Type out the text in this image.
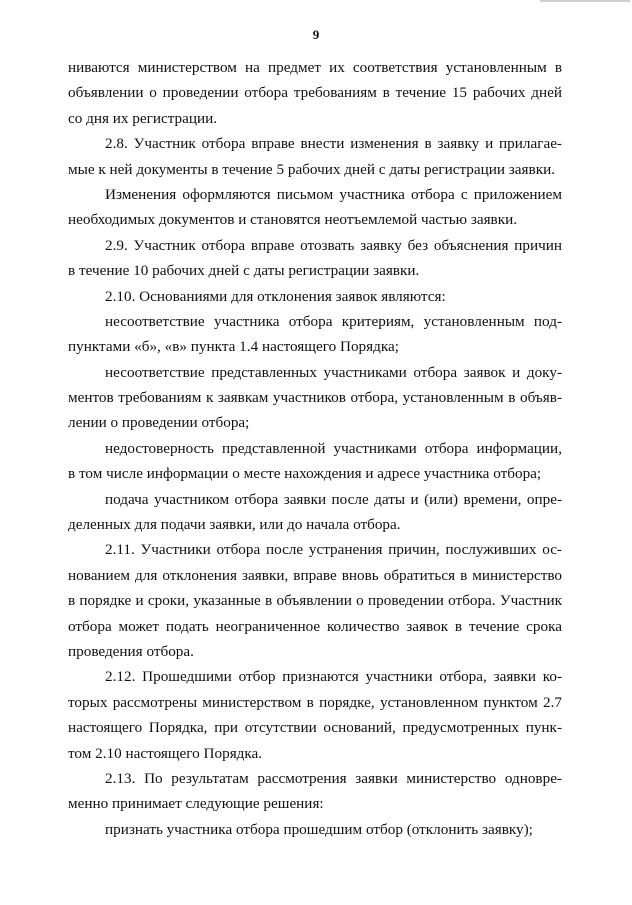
9
ниваются министерством на предмет их соответствия установленным в
объявлении о проведении отбора требованиям в течение 15 рабочих дней
со дня их регистрации.
2.8. Участник отбора вправе внести изменения в заявку и прилагае-
мые к ней документы в течение 5 рабочих дней с даты регистрации заявки.
Изменения оформляются письмом участника отбора с приложением
необходимых документов и становятся неотъемлемой частью заявки.
2.9. Участник отбора вправе отозвать заявку без объяснения причин
в течение 10 рабочих дней с даты регистрации заявки.
2.10. Основаниями для отклонения заявок являются:
несоответствие участника отбора критериям, установленным под-
пунктами «б», «в» пункта 1.4 настоящего Порядка;
несоответствие представленных участниками отбора заявок и доку-
ментов требованиям к заявкам участников отбора, установленным в объяв-
лении о проведении отбора;
недостоверность представленной участниками отбора информации,
в том числе информации о месте нахождения и адресе участника отбора;
подача участником отбора заявки после даты и (или) времени, опре-
деленных для подачи заявки, или до начала отбора.
2.11. Участники отбора после устранения причин, послуживших ос-
нованием для отклонения заявки, вправе вновь обратиться в министерство
в порядке и сроки, указанные в объявлении о проведении отбора. Участник
отбора может подать неограниченное количество заявок в течение срока
проведения отбора.
2.12. Прошедшими отбор признаются участники отбора, заявки ко-
торых рассмотрены министерством в порядке, установленном пунктом 2.7
настоящего Порядка, при отсутствии оснований, предусмотренных пунк-
том 2.10 настоящего Порядка.
2.13. По результатам рассмотрения заявки министерство одновре-
менно принимает следующие решения:
признать участника отбора прошедшим отбор (отклонить заявку);
